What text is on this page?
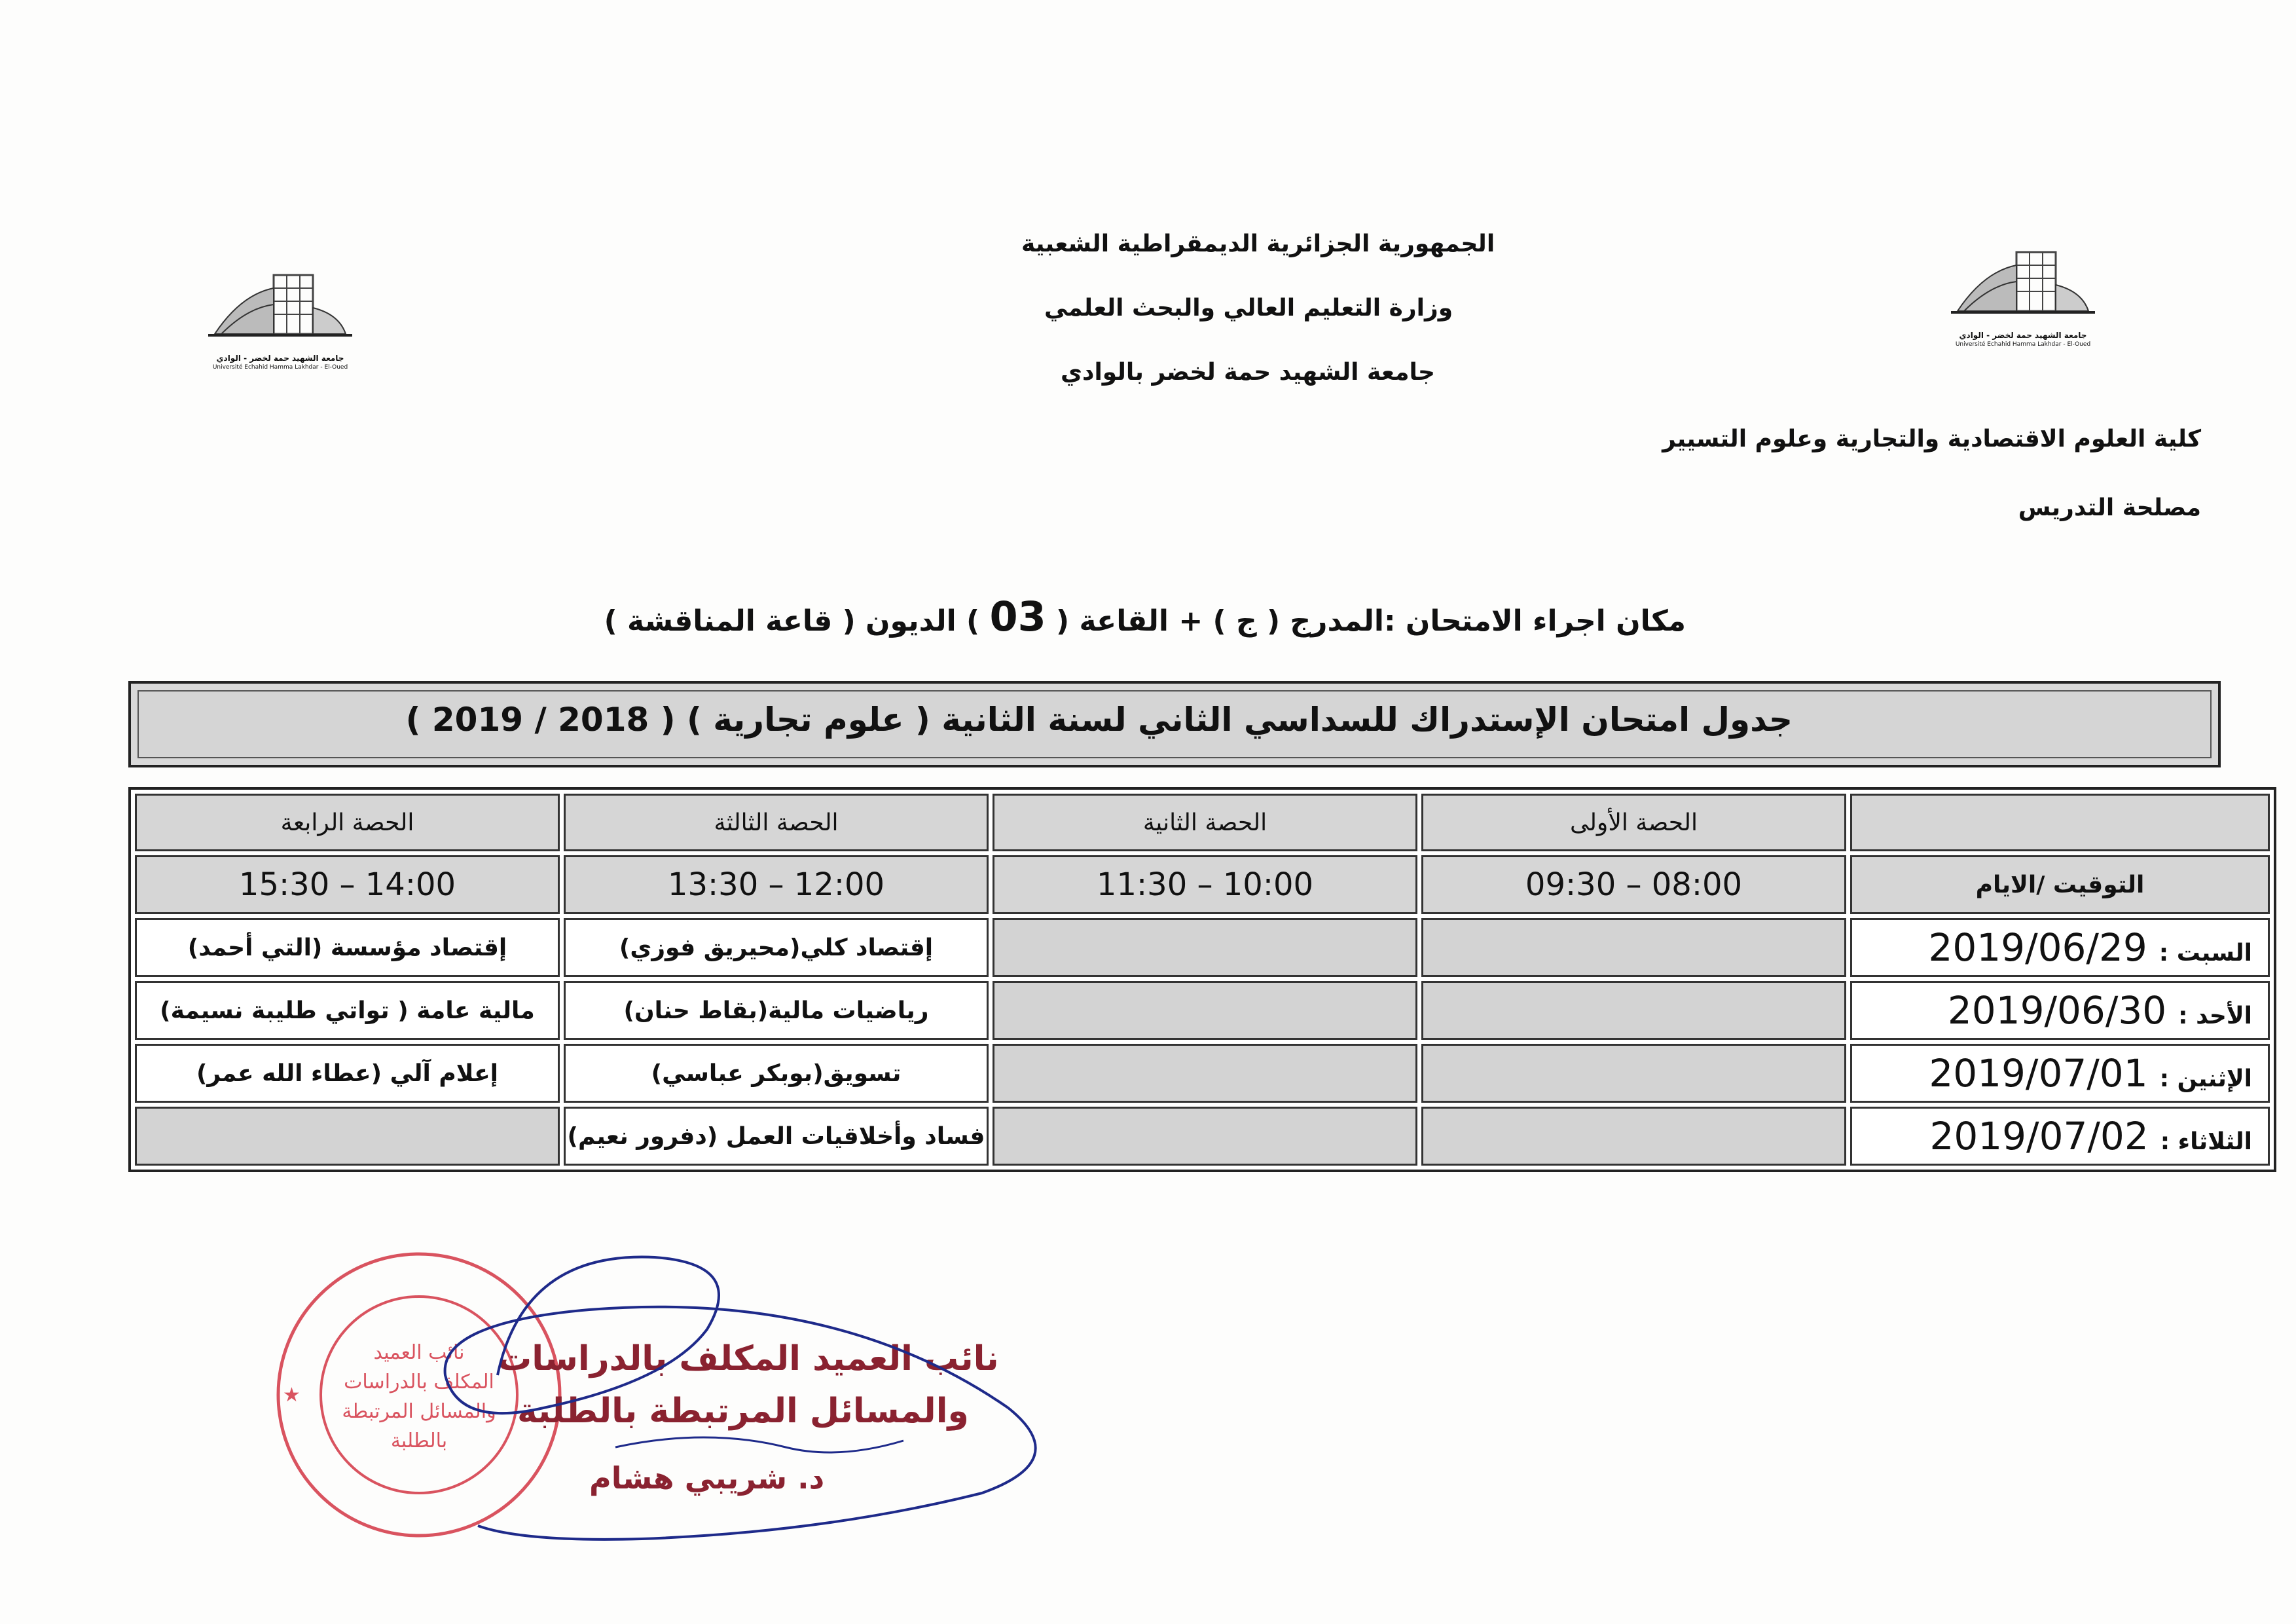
الجمهورية الجزائرية الديمقراطية الشعبية
وزارة التعليم العالي والبحث العلمي
جامعة الشهيد حمة لخضر بالوادي
جامعة الشهيد حمة لخضر - الوادي
Université Echahid Hamma Lakhdar - El-Oued
جامعة الشهيد حمة لخضر - الوادي
Université Echahid Hamma Lakhdar - El-Oued
كلية العلوم الاقتصادية والتجارية وعلوم التسيير
مصلحة التدريس
مكان اجراء الامتحان :المدرج ( ج ) + القاعة ( 03 ) الديون ( قاعة المناقشة )
جدول امتحان الإستدراك للسداسي الثاني لسنة الثانية ( علوم تجارية ) ( 2018 / 2019 )
	الحصة الأولى	الحصة الثانية	الحصة الثالثة	الحصة الرابعة
التوقيت /الايام	08:00 – 09:30	10:00 – 11:30	12:00 – 13:30	14:00 – 15:30
السبت :2019/06/29			إقتصاد كلي(محيريق فوزي)	إقتصاد مؤسسة (التي أحمد)
الأحد :2019/06/30			رياضيات مالية(بقاط حنان)	مالية عامة ( تواتي طليبة نسيمة)
الإثنين :2019/07/01			تسويق(بوبكر عباسي)	إعلام آلي (عطاء الله عمر)
الثلاثاء :2019/07/02			فساد وأخلاقيات العمل (دفرور نعيم)	
★
نائب العميد
المكلف بالدراسات
والمسائل المرتبطة
بالطلبة
نائب العميد المكلف بالدراسات
والمسائل المرتبطة بالطلبة
د. شريبي هشام
